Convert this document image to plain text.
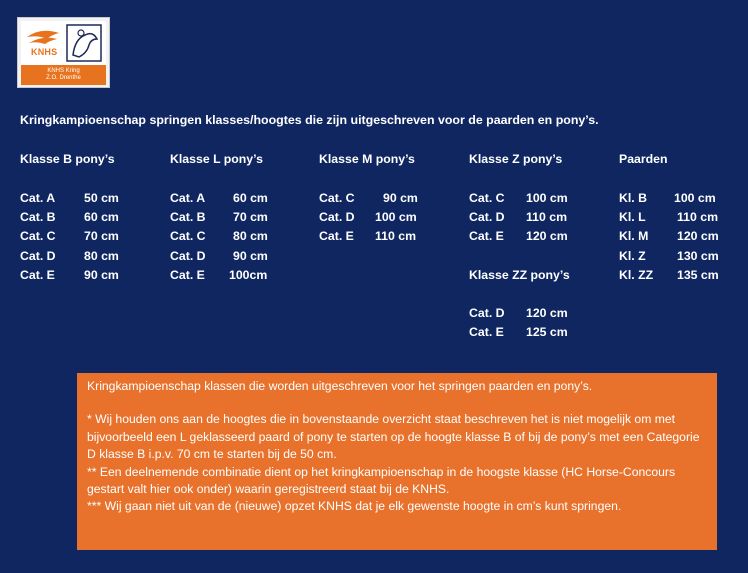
KNHS
KNHS Kring
Z.O. Drenthe
Kringkampioenschap springen klasses/hoogtes die zijn uitgeschreven voor de paarden en pony’s.
Klasse B pony’s
Cat. A 50 cm
Cat. B 60 cm
Cat. C 70 cm
Cat. D 80 cm
Cat. E 90 cm
Klasse L pony’s
Cat. A 60 cm
Cat. B 70 cm
Cat. C 80 cm
Cat. D 90 cm
Cat. E 100cm
Klasse M pony’s
Cat. C 90 cm
Cat. D 100 cm
Cat. E 110 cm
Klasse Z pony’s
Cat. C 100 cm
Cat. D 110 cm
Cat. E 120 cm
Klasse ZZ pony’s
Cat. D 120 cm
Cat. E 125 cm
Paarden
Kl. B 100 cm
Kl. L	110 cm
Kl. M 120 cm
Kl. Z	130 cm
Kl. ZZ 135 cm

Kringkampioenschap klassen die worden uitgeschreven voor het springen paarden en pony’s.

* Wij houden ons aan de hoogtes die in bovenstaande overzicht staat beschreven het is niet mogelijk om met bijvoorbeeld een L geklasseerd paard of pony te starten op de hoogte klasse B of bij de pony’s met een Categorie D klasse B i.p.v. 70 cm te starten bij de 50 cm.

** Een deelnemende combinatie dient op het kringkampioenschap in de hoogste klasse (HC Horse-Concours gestart valt hier ook onder) waarin geregistreerd staat bij de KNHS.

*** Wij gaan niet uit van de (nieuwe) opzet KNHS dat je elk gewenste hoogte in cm’s kunt springen.
